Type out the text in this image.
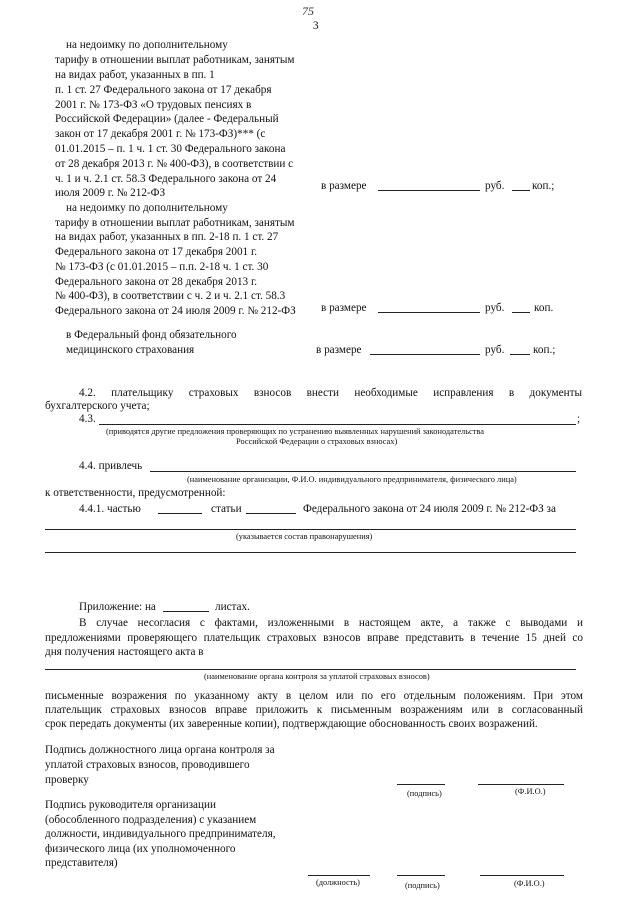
75
3
на недоимку по дополнительному
тарифу в отношении выплат работникам, занятым
на видах работ, указанных в пп. 1
п. 1 ст. 27 Федерального закона от 17 декабря
2001 г. № 173-ФЗ «О трудовых пенсиях в
Российской Федерации» (далее - Федеральный
закон от 17 декабря 2001 г. № 173-ФЗ)*** (с
01.01.2015 – п. 1 ч. 1 ст. 30 Федерального закона
от 28 декабря 2013 г. № 400-ФЗ), в соответствии с
ч. 1 и ч. 2.1 ст. 58.3 Федерального закона от 24
июля 2009 г. № 212-ФЗ
в размере	руб. коп.;
на недоимку по дополнительному
тарифу в отношении выплат работникам, занятым
на видах работ, указанных в пп. 2-18 п. 1 ст. 27
Федерального закона от 17 декабря 2001 г.
№ 173-ФЗ (с 01.01.2015 – п.п. 2-18 ч. 1 ст. 30
Федерального закона от 28 декабря 2013 г.
№ 400-ФЗ), в соответствии с ч. 2 и ч. 2.1 ст. 58.3
Федерального закона от 24 июля 2009 г. № 212-ФЗ в размере	руб.	коп.
в Федеральный фонд обязательного
медицинского страхования	в размере	руб.	коп.;
4.2. плательщику страховых взносов внести необходимые исправления в документы
бухгалтерского учета;
4.3.	;
(приводятся другие предложения проверяющих по устранению выявленных нарушений законодательства
Российской Федерации о страховых взносах)
4.4. привлечь
(наименование организации, Ф.И.О. индивидуального предпринимателя, физического лица)
к ответственности, предусмотренной:
4.4.1. частью	статьи	Федерального закона от 24 июля 2009 г. № 212-ФЗ за
(указывается состав правонарушения)
Приложение: на	листах.
В случае несогласия с фактами, изложенными в настоящем акте, а также с выводами и
предложениями проверяющего плательщик страховых взносов вправе представить в течение 15 дней со
дня получения настоящего акта в
(наименование органа контроля за уплатой страховых взносов)
письменные возражения по указанному акту в целом или по его отдельным положениям. При этом
плательщик страховых взносов вправе приложить к письменным возражениям или в согласованный
срок передать документы (их заверенные копии), подтверждающие обоснованность своих возражений.
Подпись должностного лица органа контроля за
уплатой страховых взносов, проводившего
проверку
(подпись)	(Ф.И.О.)
Подпись руководителя организации
(обособленного подразделения) с указанием
должности, индивидуального предпринимателя,
физического лица (их уполномоченного
представителя)
(должность)	(подпись)	(Ф.И.О.)
